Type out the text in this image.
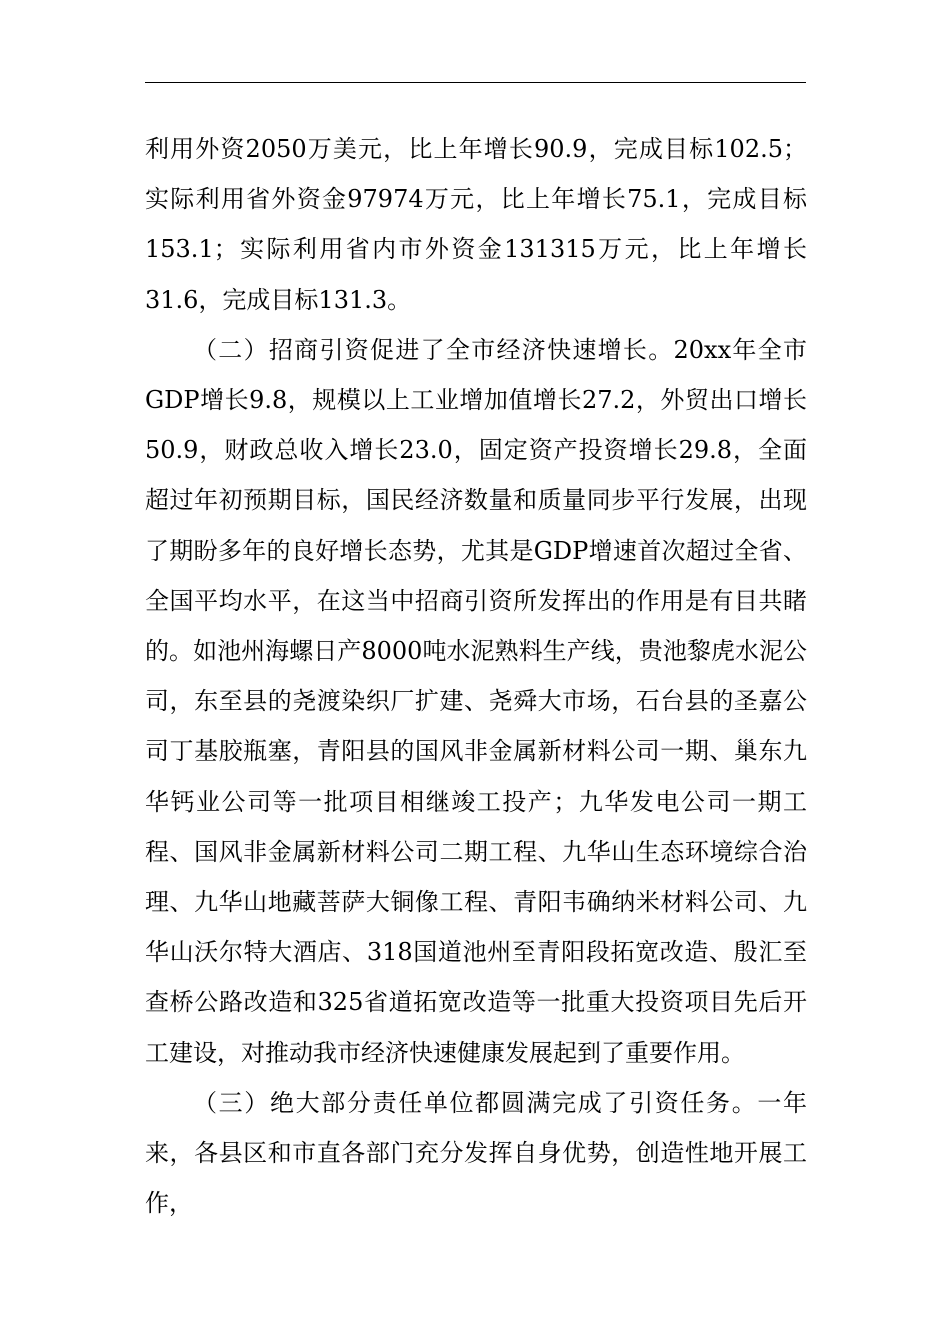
利用外资2050万美元，比上年增长90.9，完成目标102.5；实际利用省外资金97974万元，比上年增长75.1，完成目标153.1；实际利用省内市外资金131315万元，比上年增长31.6，完成目标131.3。

（二）招商引资促进了全市经济快速增长。20xx年全市GDP增长9.8，规模以上工业增加值增长27.2，外贸出口增长50.9，财政总收入增长23.0，固定资产投资增长29.8，全面超过年初预期目标，国民经济数量和质量同步平行发展，出现了期盼多年的良好增长态势，尤其是GDP增速首次超过全省、全国平均水平，在这当中招商引资所发挥出的作用是有目共睹的。如池州海螺日产8000吨水泥熟料生产线，贵池黎虎水泥公司，东至县的尧渡染织厂扩建、尧舜大市场，石台县的圣嘉公司丁基胶瓶塞，青阳县的国风非金属新材料公司一期、巢东九华钙业公司等一批项目相继竣工投产；九华发电公司一期工程、国风非金属新材料公司二期工程、九华山生态环境综合治理、九华山地藏菩萨大铜像工程、青阳韦确纳米材料公司、九华山沃尔特大酒店、318国道池州至青阳段拓宽改造、殷汇至查桥公路改造和325省道拓宽改造等一批重大投资项目先后开工建设，对推动我市经济快速健康发展起到了重要作用。

（三）绝大部分责任单位都圆满完成了引资任务。一年来，各县区和市直各部门充分发挥自身优势，创造性地开展工作，
